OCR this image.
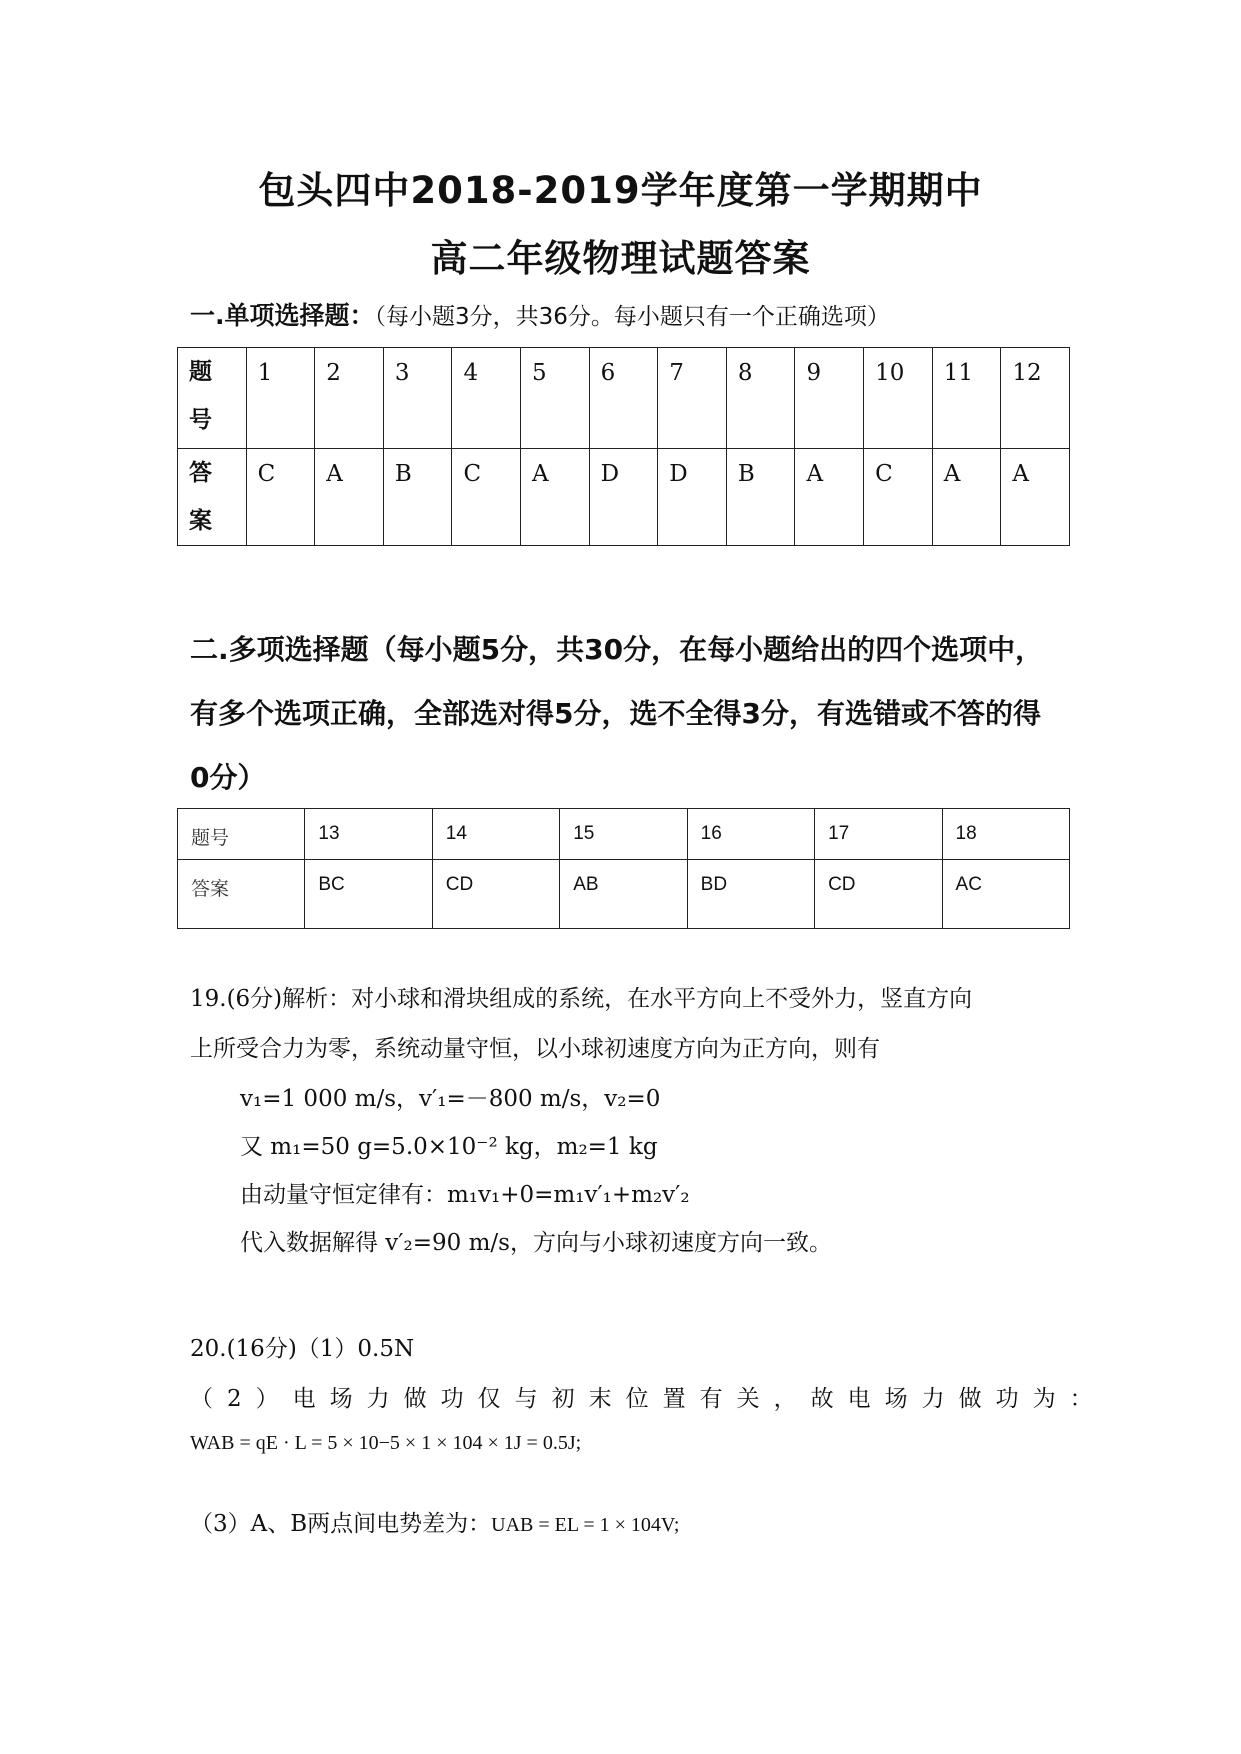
包头四中2018-2019学年度第一学期期中
高二年级物理试题答案
一.单项选择题：（每小题3分，共36分。每小题只有一个正确选项）
题
号	1	2	3	4	5	6	7	8	9	10	11	12
答
案	C	A	B	C	A	D	D	B	A	C	A	A
二.多项选择题（每小题5分，共30分，在每小题给出的四个选项中，
有多个选项正确，全部选对得5分，选不全得3分，有选错或不答的得
0分）
题号	13	14	15	16	17	18
答案	BC	CD	AB	BD	CD	AC
19.(6分)解析：对小球和滑块组成的系统，在水平方向上不受外力，竖直方向
上所受合力为零，系统动量守恒，以小球初速度方向为正方向，则有
v₁=1 000 m/s，v′₁=－800 m/s，v₂=0
又 m₁=50 g=5.0×10⁻² kg，m₂=1 kg
由动量守恒定律有：m₁v₁+0=m₁v′₁+m₂v′₂
代入数据解得 v′₂=90 m/s，方向与小球初速度方向一致。
20.(16分)（1）0.5N
（2）电场力做功仅与初末位置有关，故电场力做功为：
WAB = qE · L = 5 × 10−5 × 1 × 104 × 1J = 0.5J;
（3）A、B两点间电势差为：UAB = EL = 1 × 104V;
